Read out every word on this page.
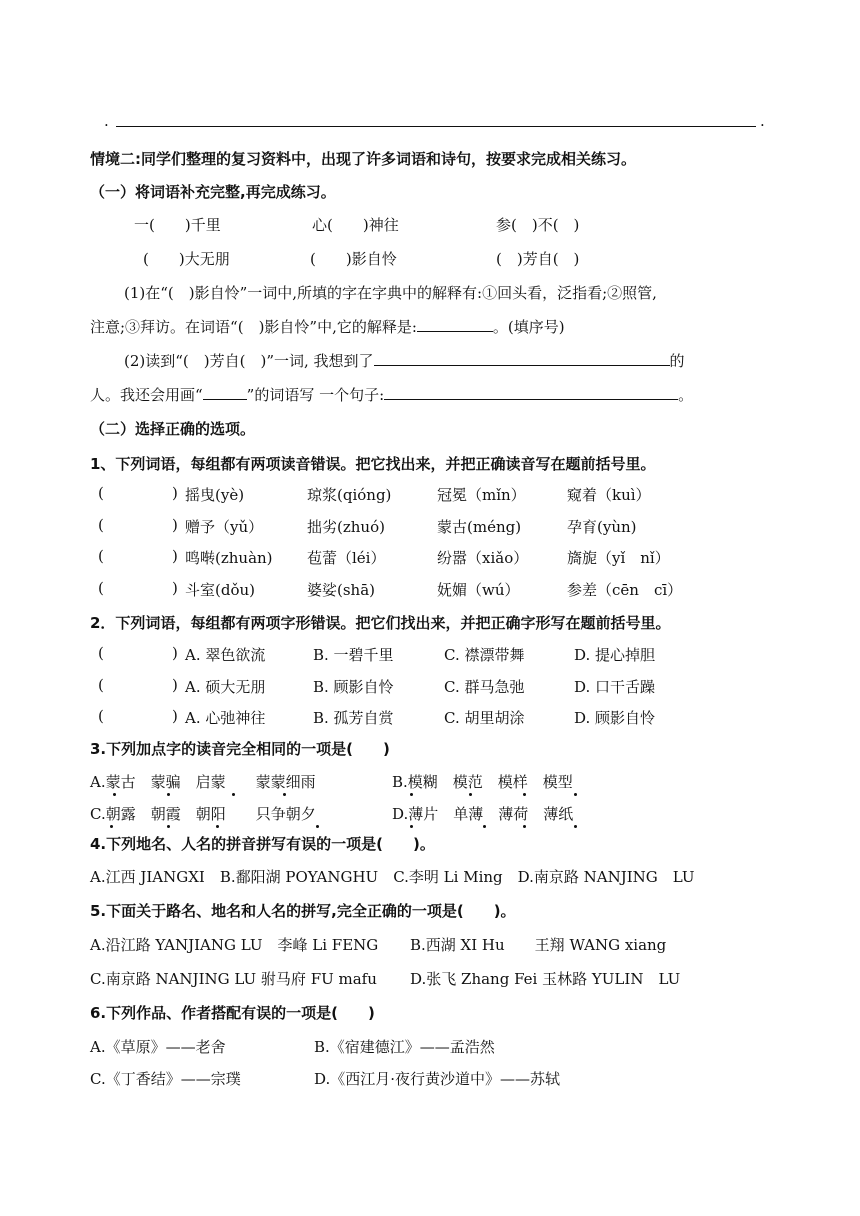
.	.
情境二:同学们整理的复习资料中，出现了许多词语和诗句，按要求完成相关练习。
（一）将词语补充完整,再完成练习。
一(　　)千里	心(　　)神往	参(　)不(　)
(　　)大无朋	(　　)影自怜	(　)芳自(　)
(1)在“(　)影自怜”一词中,所填的字在字典中的解释有:①回头看，泛指看;②照管,
注意;③拜访。在词语“(　)影自怜”中,它的解释是:	。(填序号)
(2)读到“(　)芳自(　)”一词, 我想到了	的
人。我还会用画“	”的词语写 一个句子:	。
（二）选择正确的选项。
1、下列词语，每组都有两项读音错误。把它找出来，并把正确读音写在题前括号里。
(	) 摇曳(yè)	琼浆(qióng)	冠冕（mǐn）	窥着（kuì）
(	) 赠予（yǔ）	拙劣(zhuó)	蒙古(méng)	孕育(yùn)
(	) 鸣啭(zhuàn) 苞蕾（léi）	纷嚣（xiǎo）	旖旎（yǐ　nǐ）
(	) 斗室(dǒu)	婆娑(shā)	妩媚（wú）	参差（cēn　cī）
2．下列词语，每组都有两项字形错误。把它们找出来，并把正确字形写在题前括号里。
(	) A. 翠色欲流	B. 一碧千里	C. 襟漂带舞	D. 提心掉胆
(	) A. 硕大无朋	B. 顾影自怜	C. 群马急弛	D. 口干舌躁
(	) A. 心弛神往	B. 孤芳自赏	C. 胡里胡涂	D. 顾影自怜
3.下列加点字的读音完全相同的一项是(　　)
A.蒙古　蒙骗　启蒙　　蒙蒙细雨	B.模糊　模范　模样　模型
C.朝露　朝霞　朝阳　　只争朝夕	D.薄片　单薄　薄荷　薄纸
4.下列地名、人名的拼音拼写有误的一项是(　　)。
A.江西 JIANGXI　B.鄱阳湖 POYANGHU　C.李明 Li Ming　D.南京路 NANJING　LU
5.下面关于路名、地名和人名的拼写,完全正确的一项是(　　)。
A.沿江路 YANJIANG LU　李峰 Li FENG B.西湖 XI Hu　　王翔 WANG xiang
C.南京路 NANJING LU 驸马府 FU mafu D.张飞 Zhang Fei 玉林路 YULIN　LU
6.下列作品、作者搭配有误的一项是(　　)
A.《草原》——老舍	B.《宿建德江》——孟浩然
C.《丁香结》——宗璞	D.《西江月·夜行黄沙道中》——苏轼
